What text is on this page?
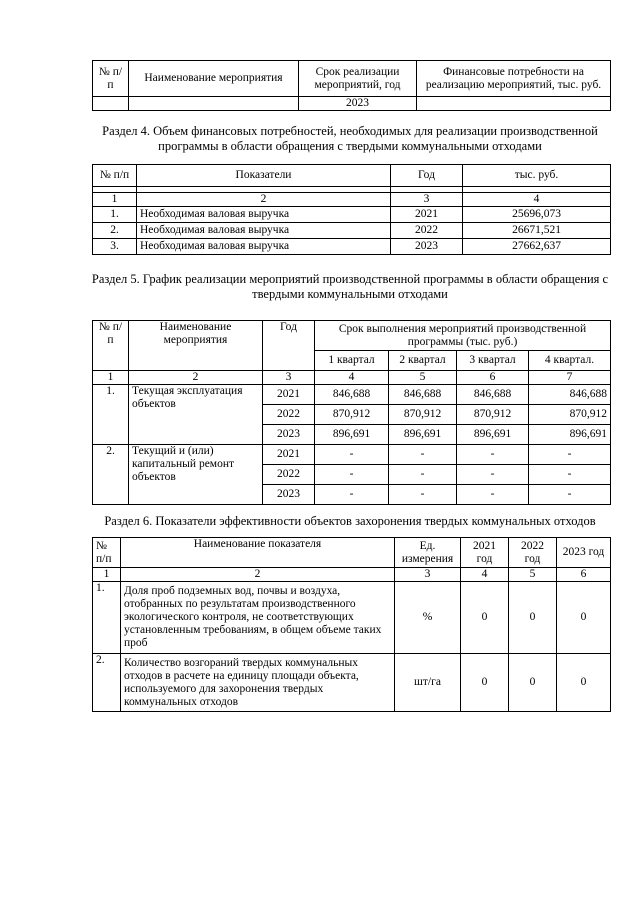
№ п/п	Наименование мероприятия	Срок реализации мероприятий, год	Финансовые потребности на реализацию мероприятий, тыс. руб.
		2023	
Раздел 4. Объем финансовых потребностей, необходимых для реализации производственной программы в области обращения с твердыми коммунальными отходами
№ п/п	Показатели	Год	тыс. руб.

1	2	3	4
1.	Необходимая валовая выручка	2021	25696,073
2.	Необходимая валовая выручка	2022	26671,521
3.	Необходимая валовая выручка	2023	27662,637
Раздел 5. График реализации мероприятий производственной программы в области обращения с твердыми коммунальными отходами
№ п/п	Наименование мероприятия	Год	Срок выполнения мероприятий производственной программы (тыс. руб.)			
			1 квартал	2 квартал	3 квартал	4 квартал.
1	2	3	4	5	6	7
1.	Текущая эксплуатация объектов	2021	846,688	846,688	846,688	846,688
		2022	870,912	870,912	870,912	870,912
		2023	896,691	896,691	896,691	896,691
2.	Текущий и (или) капитальный ремонт объектов	2021	-	-	-	-
		2022	-	-	-	-
		2023	-	-	-	-
Раздел 6. Показатели эффективности объектов захоронения твердых коммунальных отходов
№ п/п	Наименование показателя	Ед. измерения	2021 год	2022 год	2023 год
1	2	3	4	5	6
1.	Доля проб подземных вод, почвы и воздуха, отобранных по результатам производственного экологического контроля, не соответствующих установленным требованиям, в общем объеме таких проб	%	0	0	0
2.	Количество возгораний твердых коммунальных отходов в расчете на единицу площади объекта, используемого для захоронения твердых коммунальных отходов	шт/га	0	0	0
